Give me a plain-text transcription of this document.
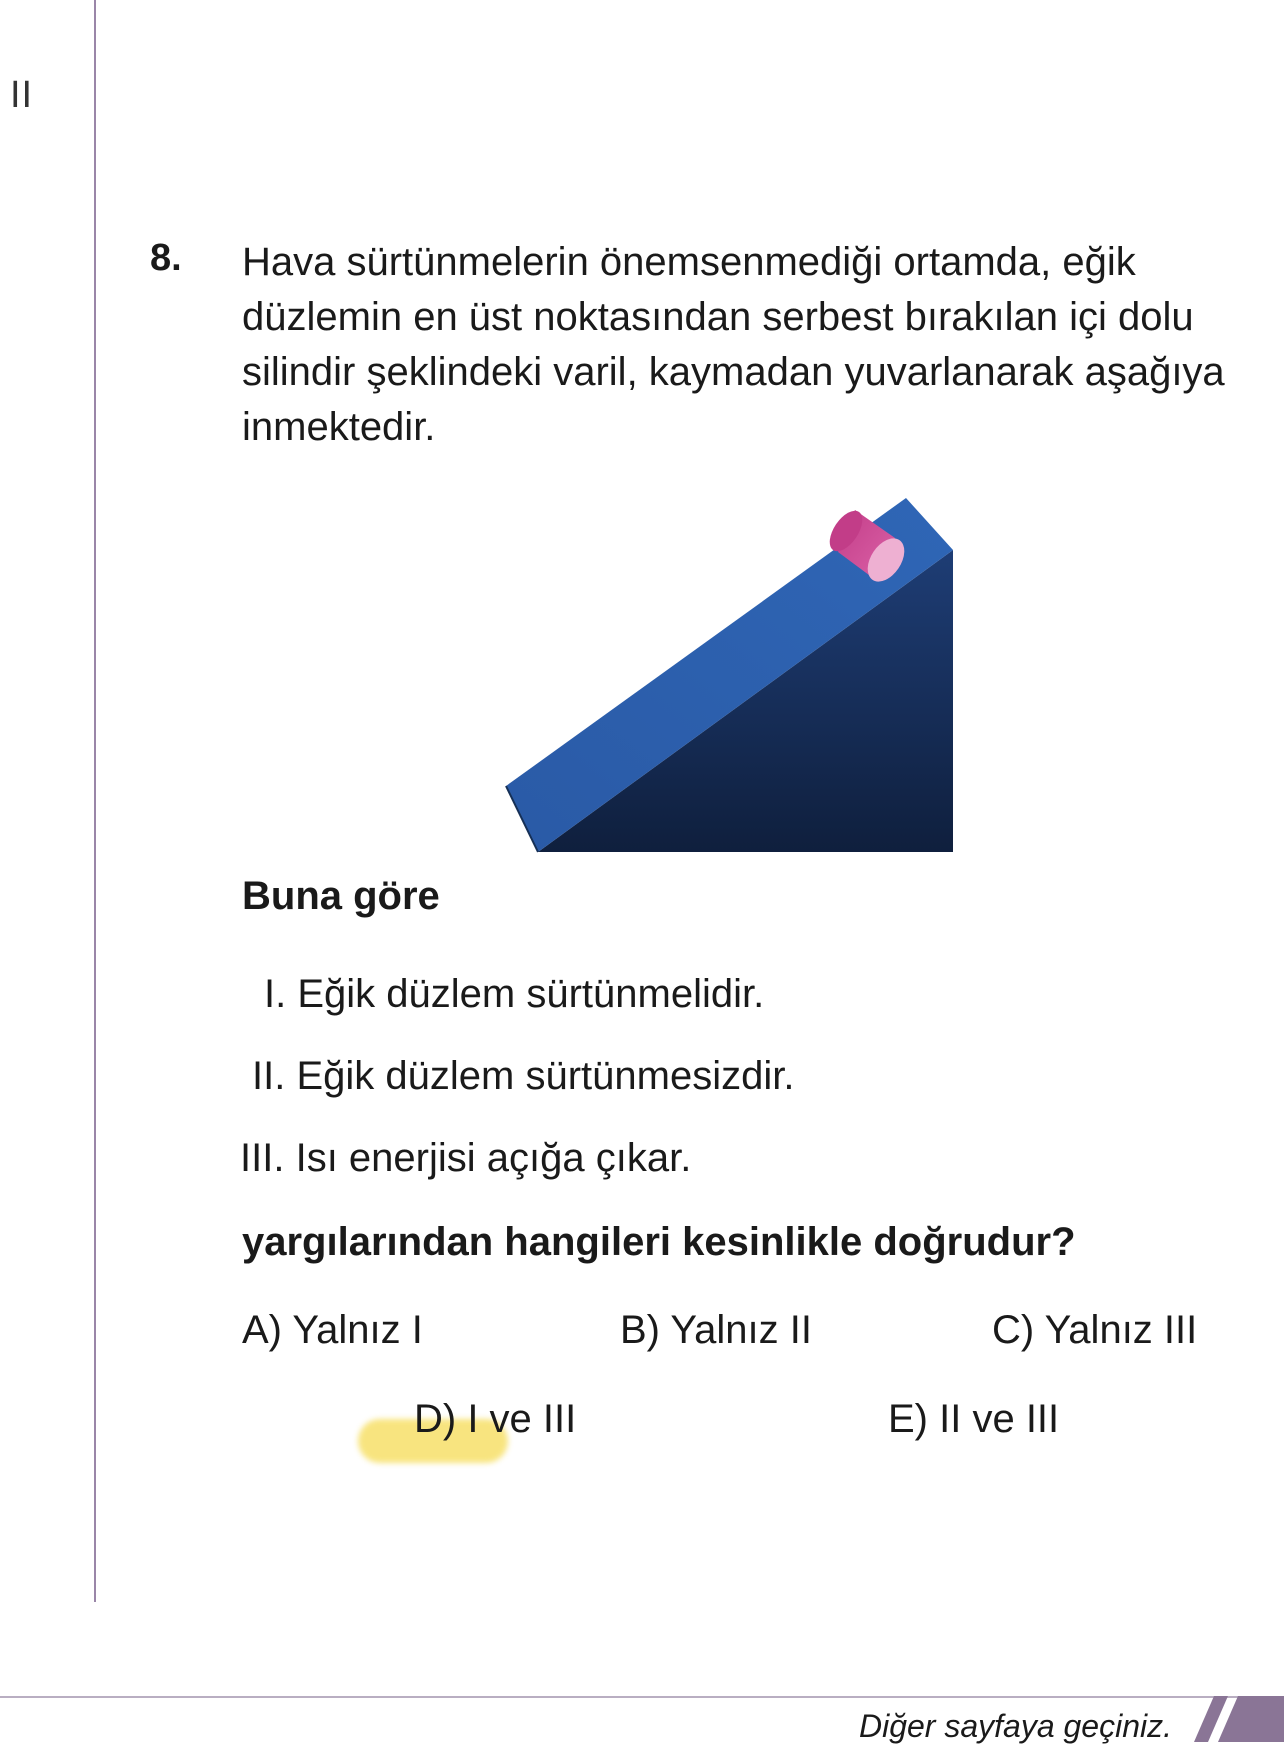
II
8. Hava sürtünmelerin önemsenmediği ortamda, eğik düzlemin en üst noktasından serbest bırakılan içi dolu silindir şeklindeki varil, kaymadan yuvarlanarak aşağıya inmektedir.

Buna göre
I. Eğik düzlem sürtünmelidir.
II. Eğik düzlem sürtünmesizdir.
III. Isı enerjisi açığa çıkar.
yargılarından hangileri kesinlikle doğrudur?
A) Yalnız I	B) Yalnız II	C) Yalnız III
D) I ve III	E) II ve III
Diğer sayfaya geçiniz.
